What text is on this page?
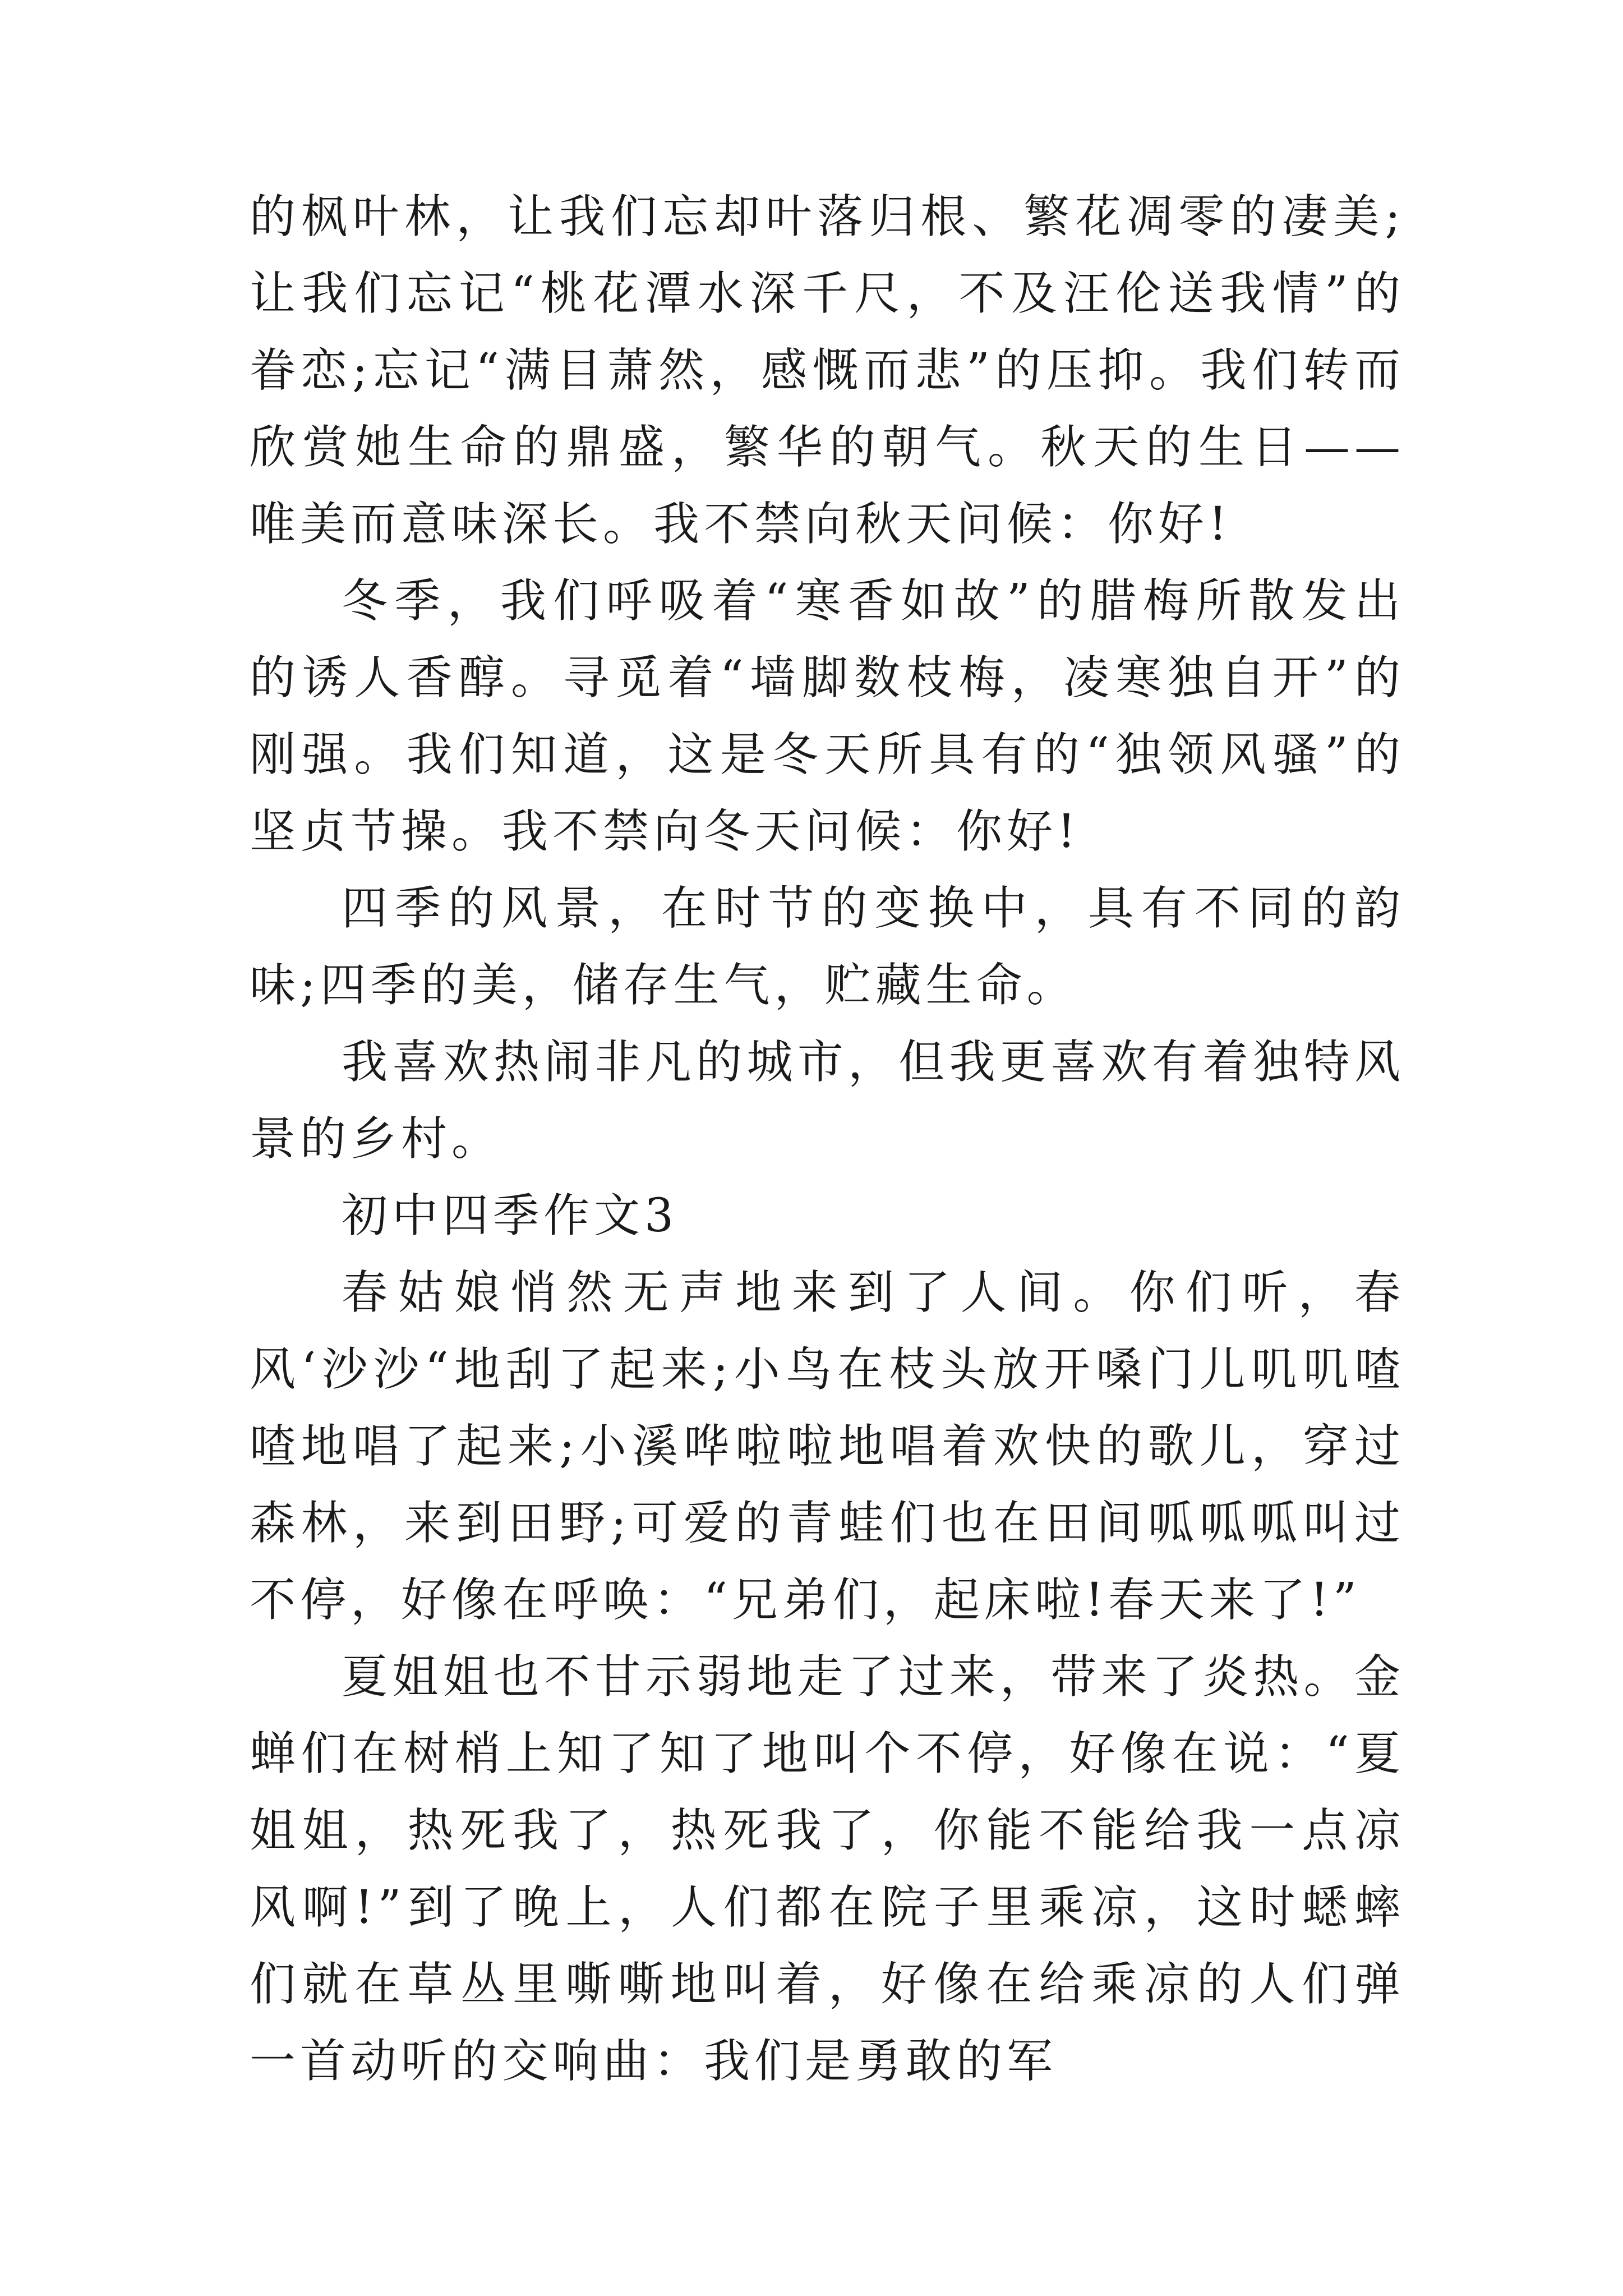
的枫叶林，让我们忘却叶落归根、繁花凋零的凄美;让我们忘记“桃花潭水深千尺，不及汪伦送我情”的眷恋;忘记“满目萧然，感慨而悲”的压抑。我们转而欣赏她生命的鼎盛，繁华的朝气。秋天的生日——唯美而意味深长。我不禁向秋天问候：你好!

冬季，我们呼吸着“寒香如故”的腊梅所散发出的诱人香醇。寻觅着“墙脚数枝梅，凌寒独自开”的刚强。我们知道，这是冬天所具有的“独领风骚”的坚贞节操。我不禁向冬天问候：你好!

四季的风景，在时节的变换中，具有不同的韵味;四季的美，储存生气，贮藏生命。

我喜欢热闹非凡的城市，但我更喜欢有着独特风景的乡村。

初中四季作文3

春姑娘悄然无声地来到了人间。你们听，春风‘沙沙“地刮了起来;小鸟在枝头放开嗓门儿叽叽喳喳地唱了起来;小溪哗啦啦地唱着欢快的歌儿，穿过森林，来到田野;可爱的青蛙们也在田间呱呱呱叫过不停，好像在呼唤：“兄弟们，起床啦!春天来了!”

夏姐姐也不甘示弱地走了过来，带来了炎热。金蝉们在树梢上知了知了地叫个不停，好像在说：“夏姐姐，热死我了，热死我了，你能不能给我一点凉风啊!”到了晚上，人们都在院子里乘凉，这时蟋蟀们就在草丛里嘶嘶地叫着，好像在给乘凉的人们弹一首动听的交响曲：我们是勇敢的军
